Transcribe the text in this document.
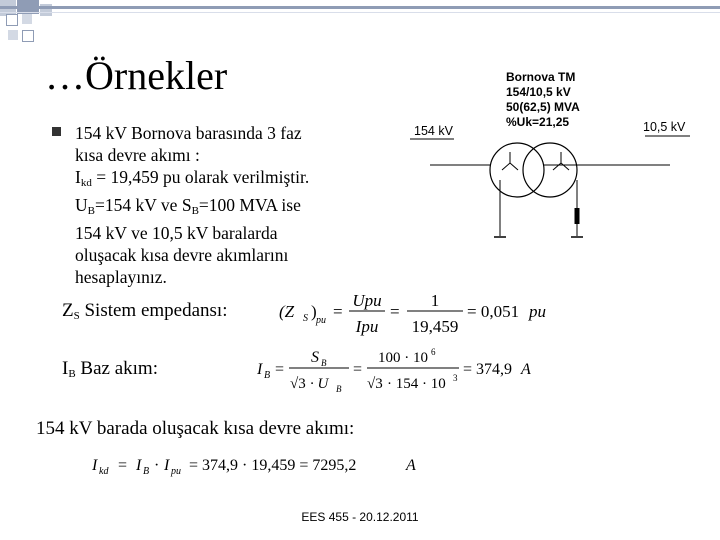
…Örnekler
154 kV Bornova barasında 3 faz
kısa devre akımı :
$I_{kd} = 19,459$ pu olarak verilmiştir.
$U_B=154$ kV ve $S_B=100$ MVA ise
154 kV ve 10,5 kV baralarda
oluşacak kısa devre akımlarını
hesaplayınız.
Bornova TM
154/10,5 kV
50(62,5) MVA
%Uk=21,25
154 kV	10,5 kV
$Z_S$ Sistem empedansı:	(Z S ) pu =
Upu
Ipu
=
1
19,459
= 0,051 pu
$I_B$ Baz akım:	I B =
S B
√3 · U B
=
100 · 10 6
√3 · 154 · 10 3 = 374,9 A
154 kV barada oluşacak kısa devre akımı:
I kd = I B · I pu = 374,9 · 19,459 = 7295,2	A
EES 455 - 20.12.2011
